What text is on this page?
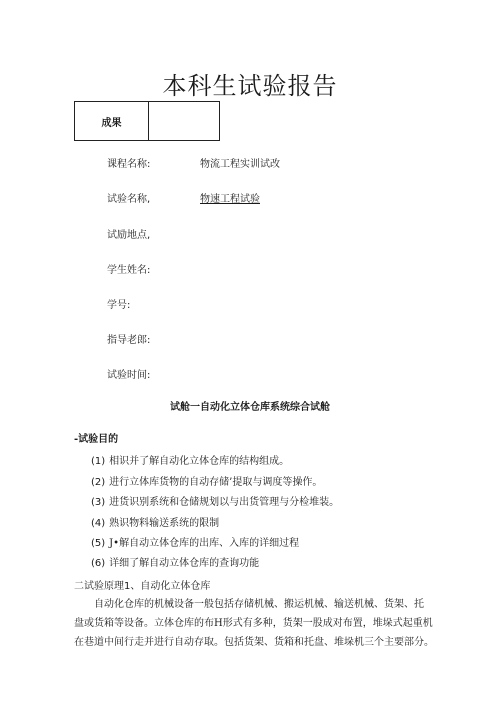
本科生试验报告
成果
课程名称:	物流工程实训试改
试验名称,	物速工程试验
试励地点,
学生姓名:
学号:
指导老郎:
试验时间:
试舱一自动化立体仓库系统综合试舱
-试验目的
(1) 相识并了解自动化立体仓库的结构组成。
(2) 进行立体库货物的自动存储’提取与调度等操作。
(3) 进货识别系统和仓储规划以与出货管理与分检堆装。
(4) 熟识物料输送系统的限制
(5) J•解自动立体仓库的出库、入库的详细过程
(6) 详细了解自动立体仓库的查询功能
二试验原理1、自动化立体仓库
自动化仓库的机械设备一般包括存储机械、搬运机械、输送机械、货架、托
盘或货箱等设备。立体仓库的布H形式有多种，货架一股成对布置，堆垛式起重机
在巷道中间行走并进行自动存取。包括货架、货箱和托盘、堆垛机三个主要部分。
